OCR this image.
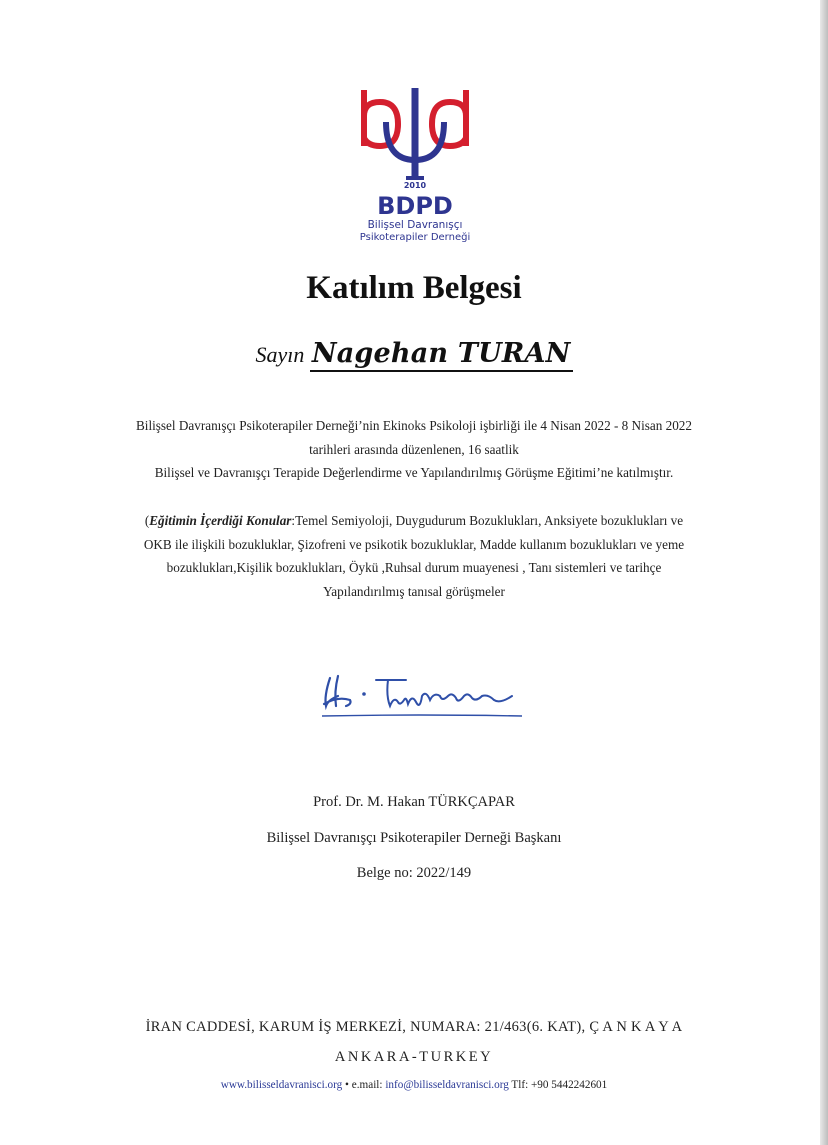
2010
BDPD
Bilişsel Davranışçı
Psikoterapiler Derneği
Katılım Belgesi
Sayın Nagehan TURAN
Bilişsel Davranışçı Psikoterapiler Derneği’nin Ekinoks Psikoloji işbirliği ile 4 Nisan 2022 - 8 Nisan 2022
tarihleri arasında düzenlenen, 16 saatlik
Bilişsel ve Davranışçı Terapide Değerlendirme ve Yapılandırılmış Görüşme Eğitimi’ne katılmıştır.
(Eğitimin İçerdiği Konular:Temel Semiyoloji, Duygudurum Bozuklukları, Anksiyete bozuklukları ve
OKB ile ilişkili bozukluklar, Şizofreni ve psikotik bozukluklar, Madde kullanım bozuklukları ve yeme
bozuklukları,Kişilik bozuklukları, Öykü ,Ruhsal durum muayenesi , Tanı sistemleri ve tarihçe
Yapılandırılmış tanısal görüşmeler
Prof. Dr. M. Hakan TÜRKÇAPAR
Bilişsel Davranışçı Psikoterapiler Derneği Başkanı
Belge no: 2022/149
İRAN CADDESİ, KARUM İŞ MERKEZİ, NUMARA: 21/463(6. KAT), Ç A N K A Y A
ANKARA-TURKEY
www.bilisseldavranisci.org • e.mail: info@bilisseldavranisci.org Tlf: +90 5442242601
